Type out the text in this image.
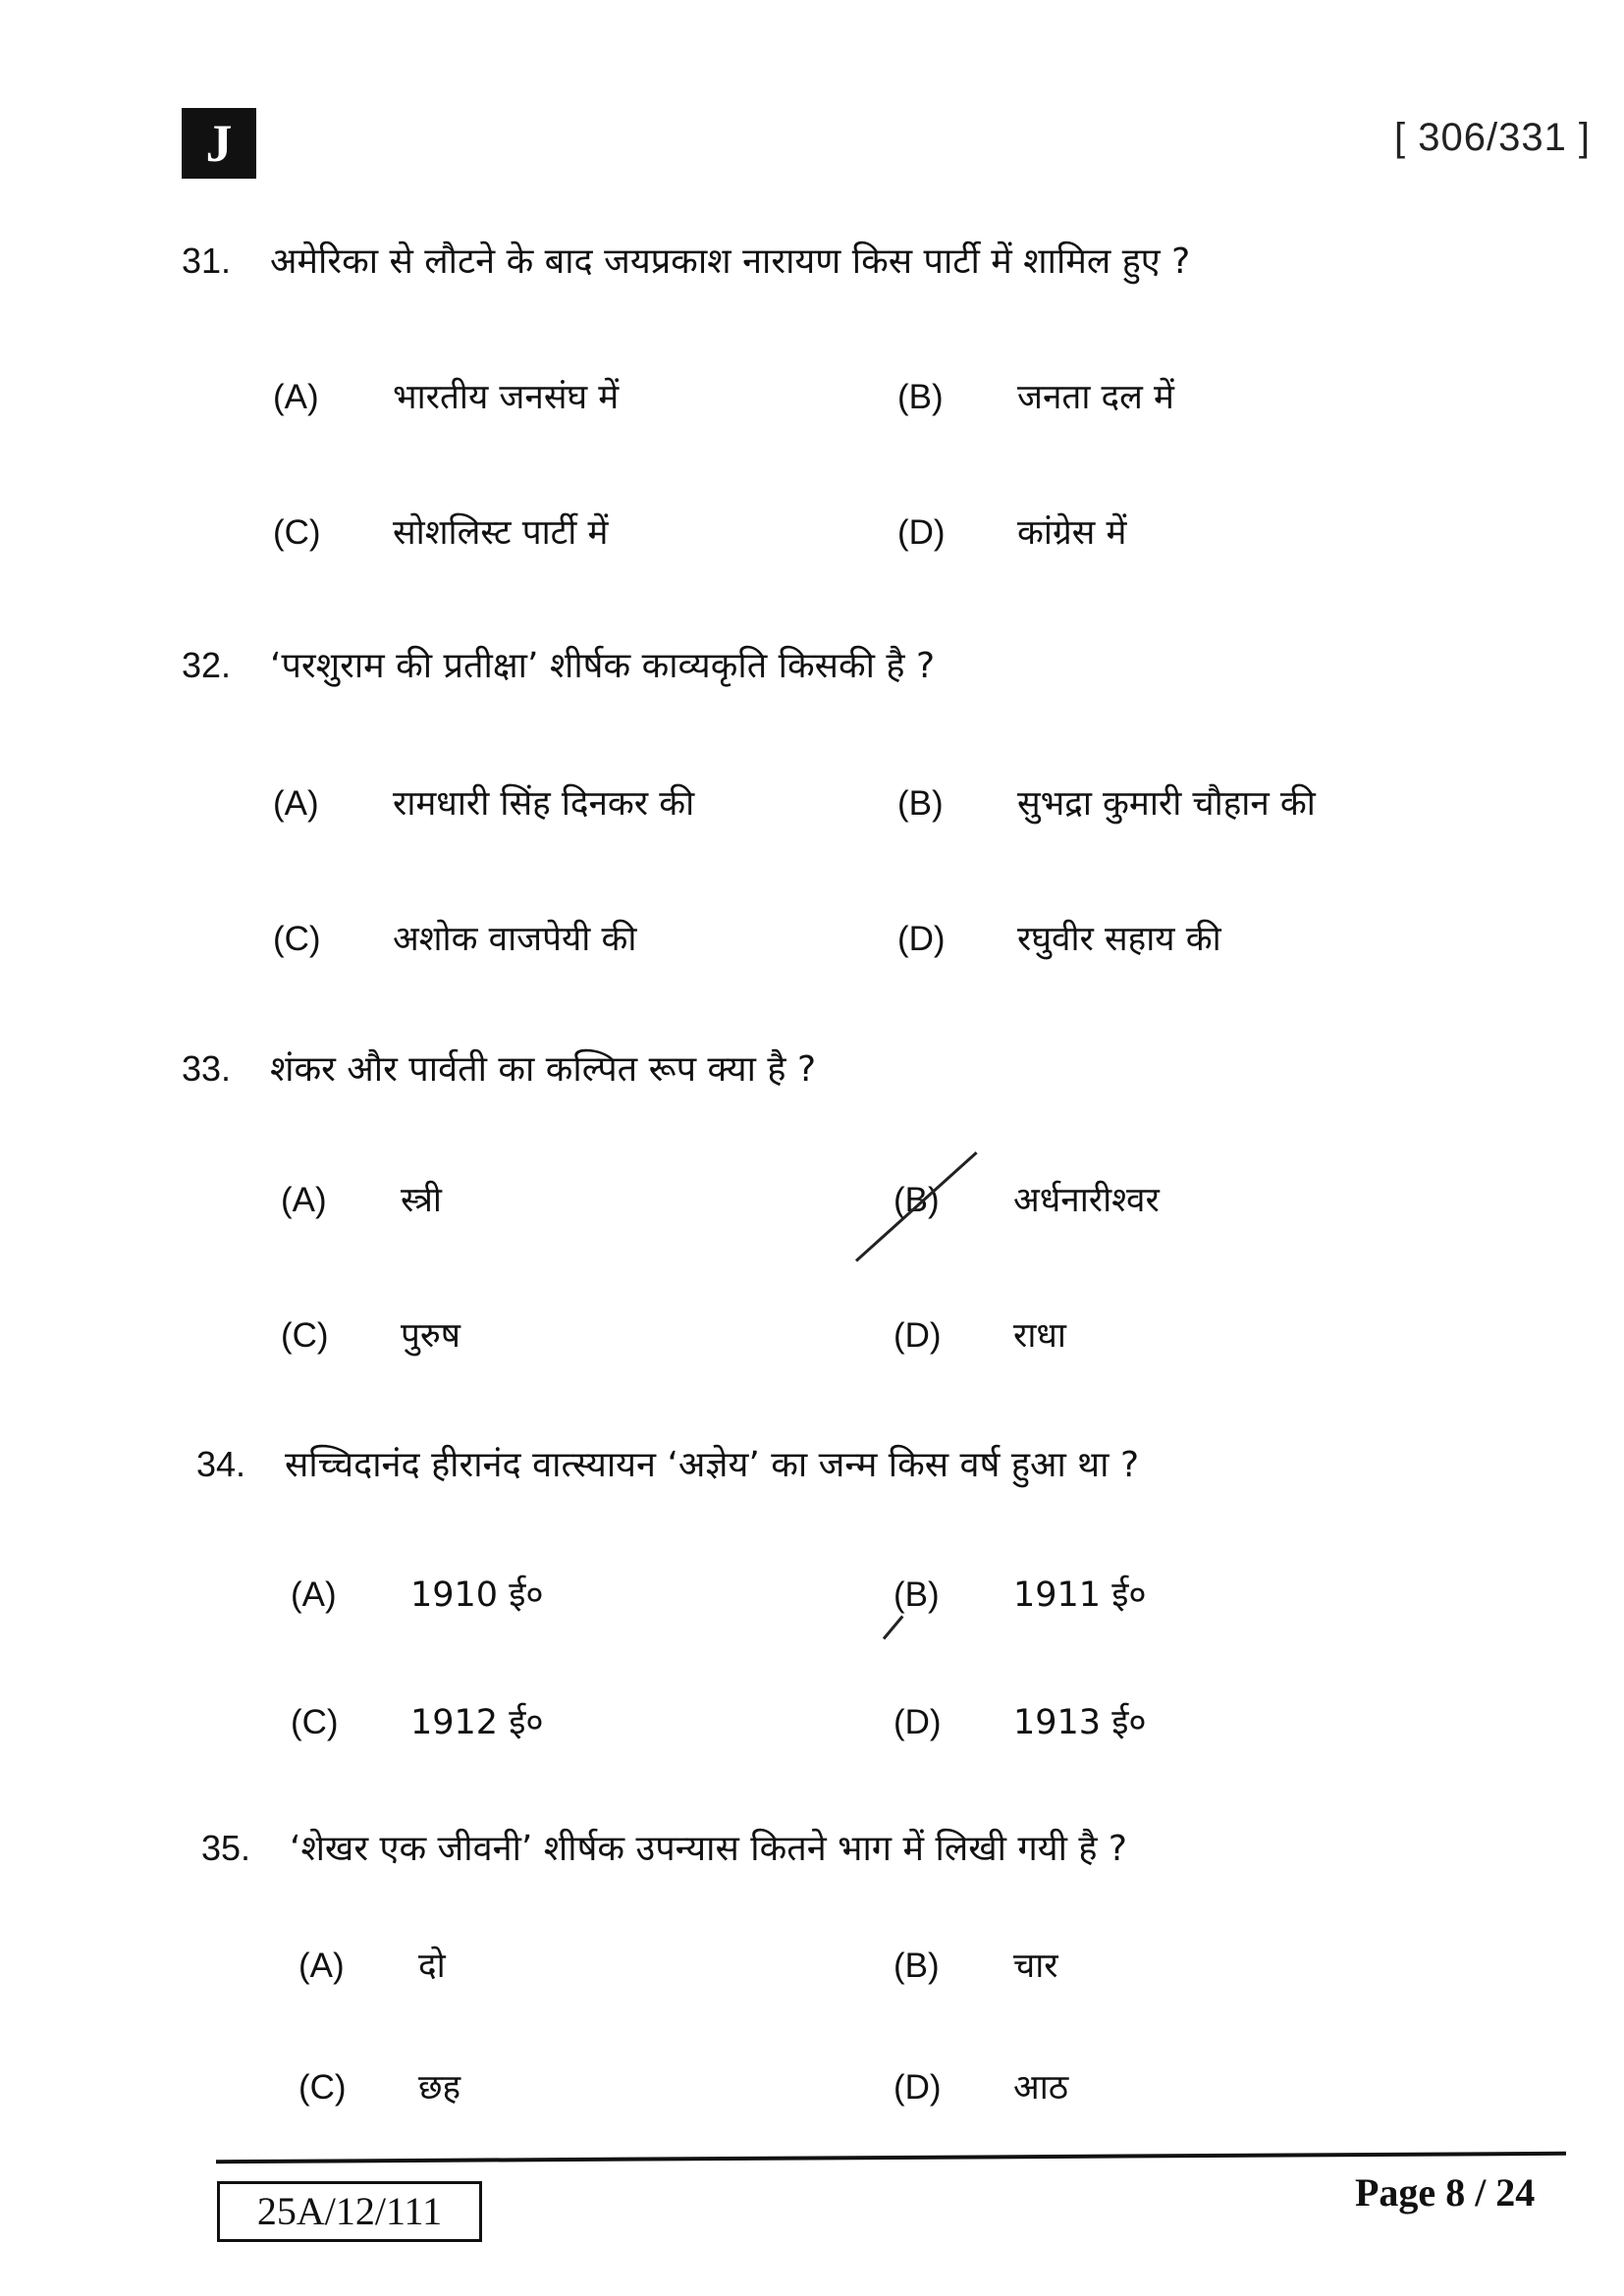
J	[ 306/331 ]
31. अमेरिका से लौटने के बाद जयप्रकाश नारायण किस पार्टी में शामिल हुए ?
(A) भारतीय जनसंघ में	(B) जनता दल में
(C) सोशलिस्ट पार्टी में	(D) कांग्रेस में
32. ‘परशुराम की प्रतीक्षा’ शीर्षक काव्यकृति किसकी है ?
(A) रामधारी सिंह दिनकर की	(B) सुभद्रा कुमारी चौहान की
(C) अशोक वाजपेयी की	(D) रघुवीर सहाय की
33. शंकर और पार्वती का कल्पित रूप क्या है ?
(A) स्त्री	(B) अर्धनारीश्वर
(C) पुरुष	(D) राधा
34. सच्चिदानंद हीरानंद वात्स्यायन ‘अज्ञेय’ का जन्म किस वर्ष हुआ था ?
(A) 1910 ई०	(B) 1911 ई०
(C) 1912 ई०	(D) 1913 ई०
35. ‘शेखर एक जीवनी’ शीर्षक उपन्यास कितने भाग में लिखी गयी है ?
(A) दो	(B) चार
(C) छह	(D) आठ
25A/12/111	Page 8 / 24
